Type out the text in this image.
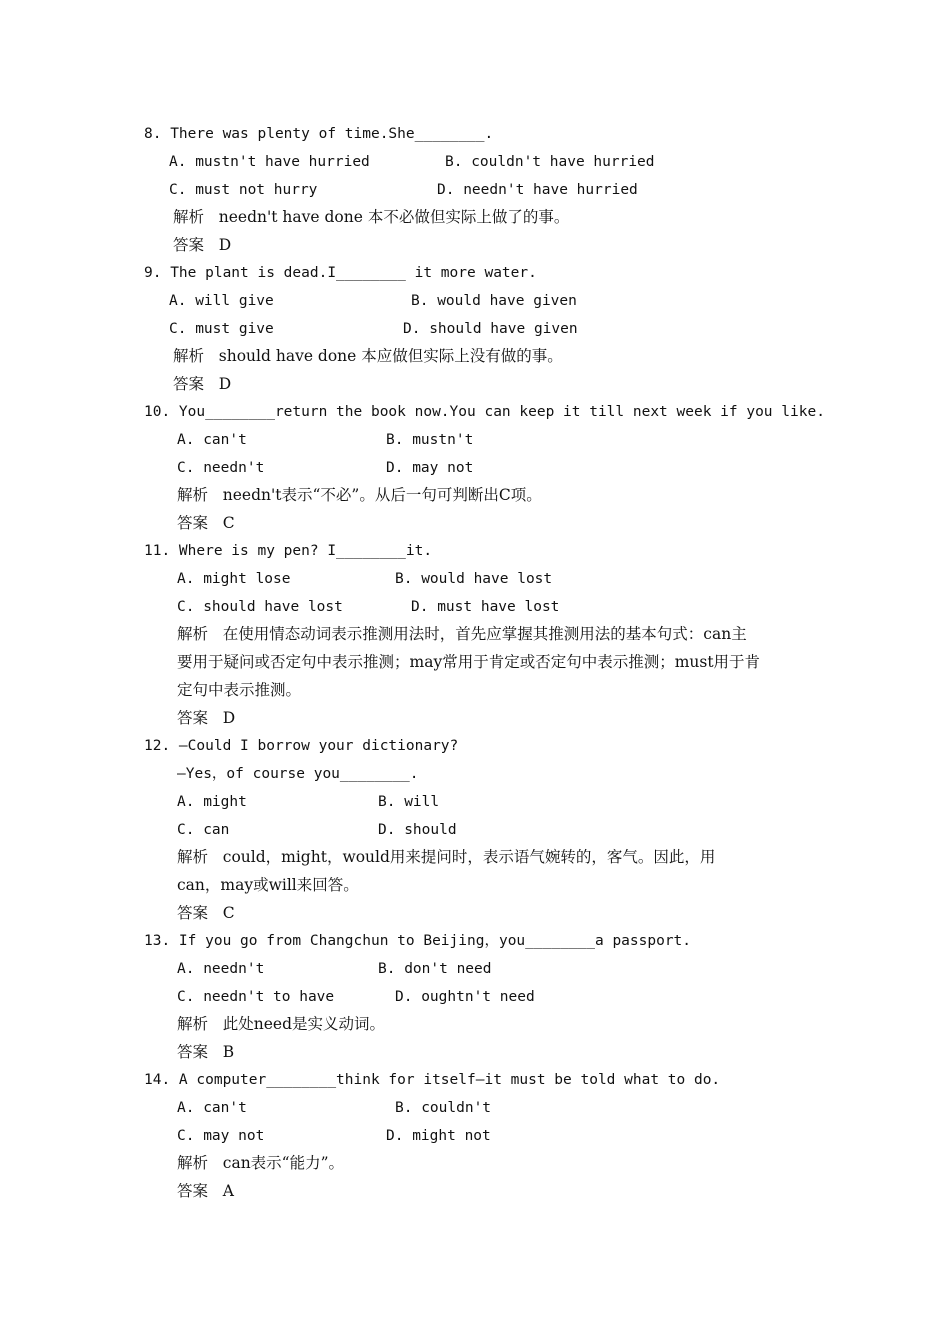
8. There was plenty of time.She________.
A. mustn't have hurried	B. couldn't have hurried
C. must not hurry	D. needn't have hurried
解析   needn't have done 本不必做但实际上做了的事。
答案   D
9. The plant is dead.I________ it more water.
A. will give	B. would have given
C. must give	D. should have given
解析   should have done 本应做但实际上没有做的事。
答案   D
10. You________return the book now.You can keep it till next week if you like.
A. can't	B. mustn't
C. needn't	D. may not
解析   needn't表示“不必”。从后一句可判断出C项。
答案   C
11. Where is my pen? I________it.
A. might lose	B. would have lost
C. should have lost	D. must have lost
解析   在使用情态动词表示推测用法时，首先应掌握其推测用法的基本句式：can主
要用于疑问或否定句中表示推测；may常用于肯定或否定句中表示推测；must用于肯
定句中表示推测。
答案   D
12. —Could I borrow your dictionary?
—Yes，of course you________.
A. might	B. will
C. can	D. should
解析   could，might，would用来提问时，表示语气婉转的，客气。因此，用
can，may或will来回答。
答案   C
13. If you go from Changchun to Beijing，you________a passport.
A. needn't	B. don't need
C. needn't to have	D. oughtn't need
解析   此处need是实义动词。
答案   B
14. A computer________think for itself—it must be told what to do.
A. can't	B. couldn't
C. may not	D. might not
解析   can表示“能力”。
答案   A
